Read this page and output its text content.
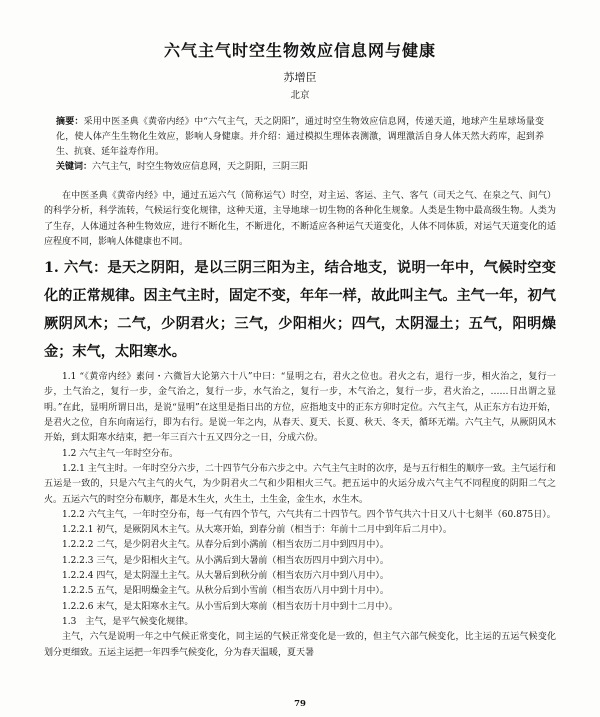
六气主气时空生物效应信息网与健康

苏增臣

北京

摘要：采用中医圣典《黄帝内经》中“六气主气，天之阴阳”，通过时空生物效应信息网，传递天道，地球产生星球场量变化，使人体产生生物化生效应，影响人身健康。并介绍：通过模拟生理体表测激，调理激活自身人体天然大药库，起到养生、抗衰、延年益寿作用。

关键词：六气主气，时空生物效应信息网，天之阴阳，三阴三阳

在中医圣典《黄帝内经》中，通过五运六气（简称运气）时空，对主运、客运、主气、客气（司天之气、在泉之气、间气）的科学分析，科学流转，气候运行变化规律，这种天道，主导地球一切生物的各种化生规象。人类是生物中最高级生物。人类为了生存，人体通过各种生物效应，进行不断化生，不断进化，不断适应各种运气天道变化，人体不同体质，对运气天道变化的适应程度不同，影响人体健康也不同。

1. 六气：是天之阴阳，是以三阴三阳为主，结合地支，说明一年中，气候时空变化的正常规律。因主气主时，固定不变，年年一样，故此叫主气。主气一年，初气厥阴风木；二气，少阴君火；三气，少阳相火；四气，太阴湿土；五气，阳明燥金；末气，太阳寒水。

1.1 “《黄帝内经》素问・六微旨大论第六十八”中曰：“显明之右，君火之位也。君火之右，退行一步，相火治之，复行一步，土气治之，复行一步，金气治之，复行一步，水气治之，复行一步，木气治之，复行一步，君火治之，……日出谓之显明。”在此，显明所谓日出，是说“显明”在这里是指日出的方位，应指地支中的正东方卯时定位。六气主气，从正东方右边开始，是君火之位，自东向南运行，即为右行。是说一年之内，从春天、夏天、长夏、秋天、冬天，循环无端。六气主气，从厥阴风木开始，到太阳寒水结束，把一年三百六十五又四分之一日，分成六份。

1.2 六气主气一年时空分布。

1.2.1 主气主时。一年时空分六步，二十四节气分布六步之中。六气主气主时的次序，是与五行相生的顺序一致。主气运行和五运是一致的，只是六气主气的火气，为少阴君火二气和少阳相火三气。把五运中的火运分成六气主气不同程度的阴阳二气之火。五运六气的时空分布顺序，都是木生火，火生土，土生金，金生水，水生木。

1.2.2 六气主气，一年时空分布，每一气有四个节气，六气共有二十四节气。四个节气共六十日又八十七刻半（60.875日）。

1.2.2.1 初气，是厥阴风木主气。从大寒开始，到春分前（相当于：年前十二月中到年后二月中）。

1.2.2.2 二气，是少阴君火主气。从春分后到小满前（相当农历二月中到四月中）。

1.2.2.3 三气，是少阳相火主气。从小满后到大暑前（相当农历四月中到六月中）。

1.2.2.4 四气，是太阴湿土主气。从大暑后到秋分前（相当农历六月中到八月中）。

1.2.2.5 五气，是阳明燥金主气。从秋分后到小雪前（相当农历八月中到十月中）。

1.2.2.6 末气，是太阳寒水主气。从小雪后到大寒前（相当农历十月中到十二月中）。

1.3　主气，是平气候变化规律。

主气，六气是说明一年之中气候正常变化，同主运的气候正常变化是一致的，但主气六部气候变化，比主运的五运气候变化划分更细致。五运主运把一年四季气候变化，分为春天温暖，夏天暑

79
